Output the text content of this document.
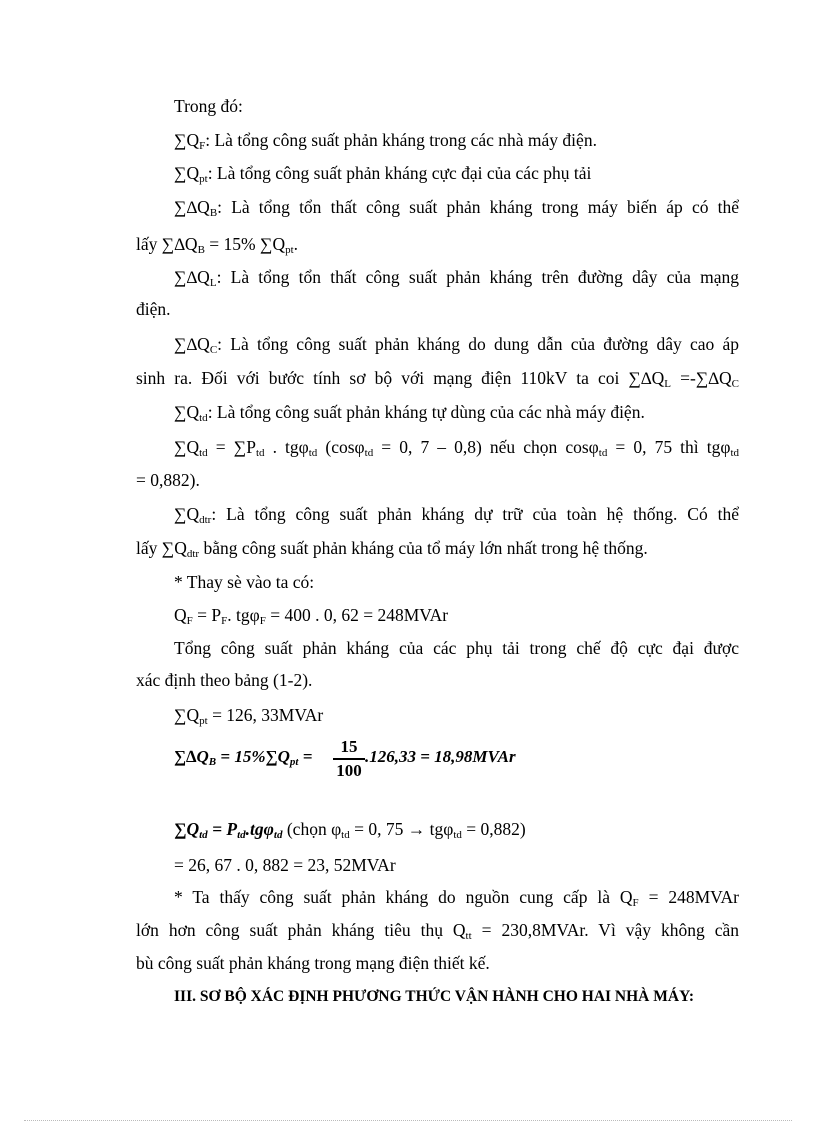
Trong đó:
$\sum Q_F$: Là tổng công suất phản kháng trong các nhà máy điện.
$\sum Q_{pt}$: Là tổng công suất phản kháng cực đại của các phụ tải
$\sum\Delta Q_B$: Là tổng tổn thất công suất phản kháng trong máy biến áp có thể
lấy $\sum\Delta Q_B = 15\%$ $\sum Q_{pt}$.
$\sum\Delta Q_L$: Là tổng tổn thất công suất phản kháng trên đường dây của mạng
điện.
$\sum\Delta Q_C$: Là tổng công suất phản kháng do dung dẫn của đường dây cao áp
sinh ra. Đối với bước tính sơ bộ với mạng điện 110kV ta coi $\sum\Delta Q_L =-\sum\Delta Q_C$
$\sum Q_{td}$: Là tổng công suất phản kháng tự dùng của các nhà máy điện.
$\sum Q_{td} = \sum P_{td}$ . tgφ$_{td}$ (cosφ$_{td}$ = 0, 7 – 0,8) nếu chọn cosφ$_{td}$ = 0, 75 thì tgφ$_{td}$
= 0,882).
$\sum Q_{dtr}$: Là tổng công suất phản kháng dự trữ của toàn hệ thống. Có thể
lấy $\sum Q_{dtr}$ bằng công suất phản kháng của tổ máy lớn nhất trong hệ thống.
* Thay sè vào ta có:
$Q_F = P_F$. tgφ$_F$ = 400 . 0, 62 = 248MVAr
Tổng công suất phản kháng của các phụ tải trong chế độ cực đại được
xác định theo bảng (1-2).
$\sum Q_{pt} = 126$, 33MVAr
$\sum\Delta Q_B = 15\%\sum Q_{pt}$ =
15
100
.126,33 = 18,98MVAr
$\sum Q_{td} = P_{td}.tg\varphi_{td}$ (chọn $\varphi_{td} = 0$, 75 → tgφ$_{td}$ = 0,882)
= 26, 67 . 0, 882 = 23, 52MVAr
* Ta thấy công suất phản kháng do nguồn cung cấp là $Q_F$ = 248MVAr
lớn hơn công suất phản kháng tiêu thụ $Q_{tt}$ = 230,8MVAr. Vì vậy không cần
bù công suất phản kháng trong mạng điện thiết kế.
III. SƠ BỘ XÁC ĐỊNH PHƯƠNG THỨC VẬN HÀNH CHO HAI NHÀ MÁY:
